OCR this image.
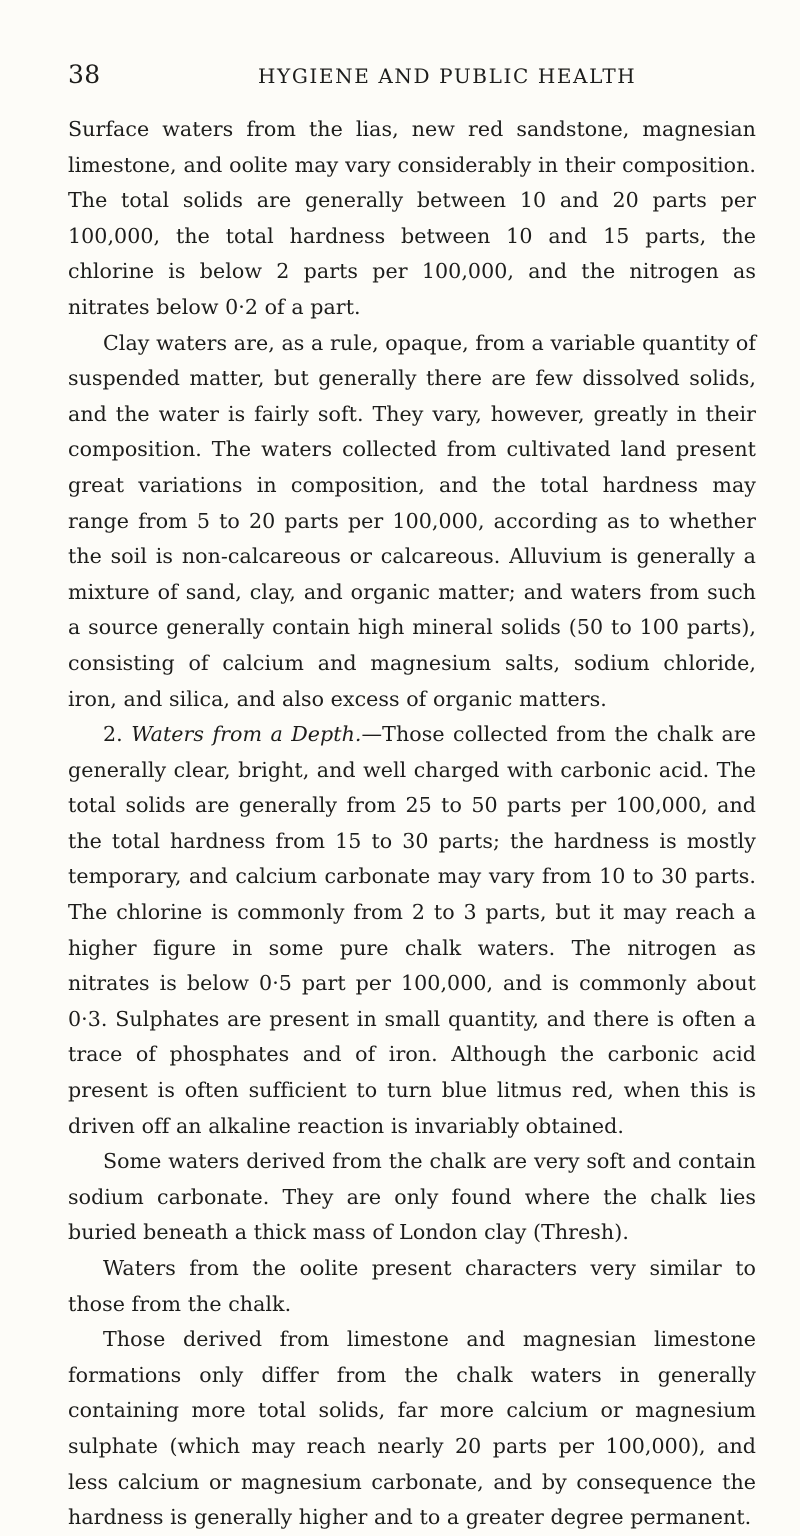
38	HYGIENE AND PUBLIC HEALTH

Surface waters from the lias, new red sandstone, magnesian limestone, and oolite may vary considerably in their composition. The total solids are generally between 10 and 20 parts per 100,000, the total hardness between 10 and 15 parts, the chlorine is below 2 parts per 100,000, and the nitrogen as nitrates below 0·2 of a part.

Clay waters are, as a rule, opaque, from a variable quantity of suspended matter, but generally there are few dissolved solids, and the water is fairly soft. They vary, however, greatly in their composition. The waters collected from cultivated land present great variations in composition, and the total hardness may range from 5 to 20 parts per 100,000, according as to whether the soil is non-calcareous or calcareous. Alluvium is generally a mixture of sand, clay, and organic matter; and waters from such a source generally contain high mineral solids (50 to 100 parts), consisting of calcium and magnesium salts, sodium chloride, iron, and silica, and also excess of organic matters.

2. Waters from a Depth.—Those collected from the chalk are generally clear, bright, and well charged with carbonic acid. The total solids are generally from 25 to 50 parts per 100,000, and the total hardness from 15 to 30 parts; the hardness is mostly temporary, and calcium carbonate may vary from 10 to 30 parts. The chlorine is commonly from 2 to 3 parts, but it may reach a higher figure in some pure chalk waters. The nitrogen as nitrates is below 0·5 part per 100,000, and is commonly about 0·3. Sulphates are present in small quantity, and there is often a trace of phosphates and of iron. Although the carbonic acid present is often sufficient to turn blue litmus red, when this is driven off an alkaline reaction is invariably obtained.

Some waters derived from the chalk are very soft and contain sodium carbonate. They are only found where the chalk lies buried beneath a thick mass of London clay (Thresh).

Waters from the oolite present characters very similar to those from the chalk.

Those derived from limestone and magnesian limestone formations only differ from the chalk waters in generally containing more total solids, far more calcium or magnesium sulphate (which may reach nearly 20 parts per 100,000), and less calcium or magnesium carbonate, and by consequence the hardness is generally higher and to a greater degree permanent.
